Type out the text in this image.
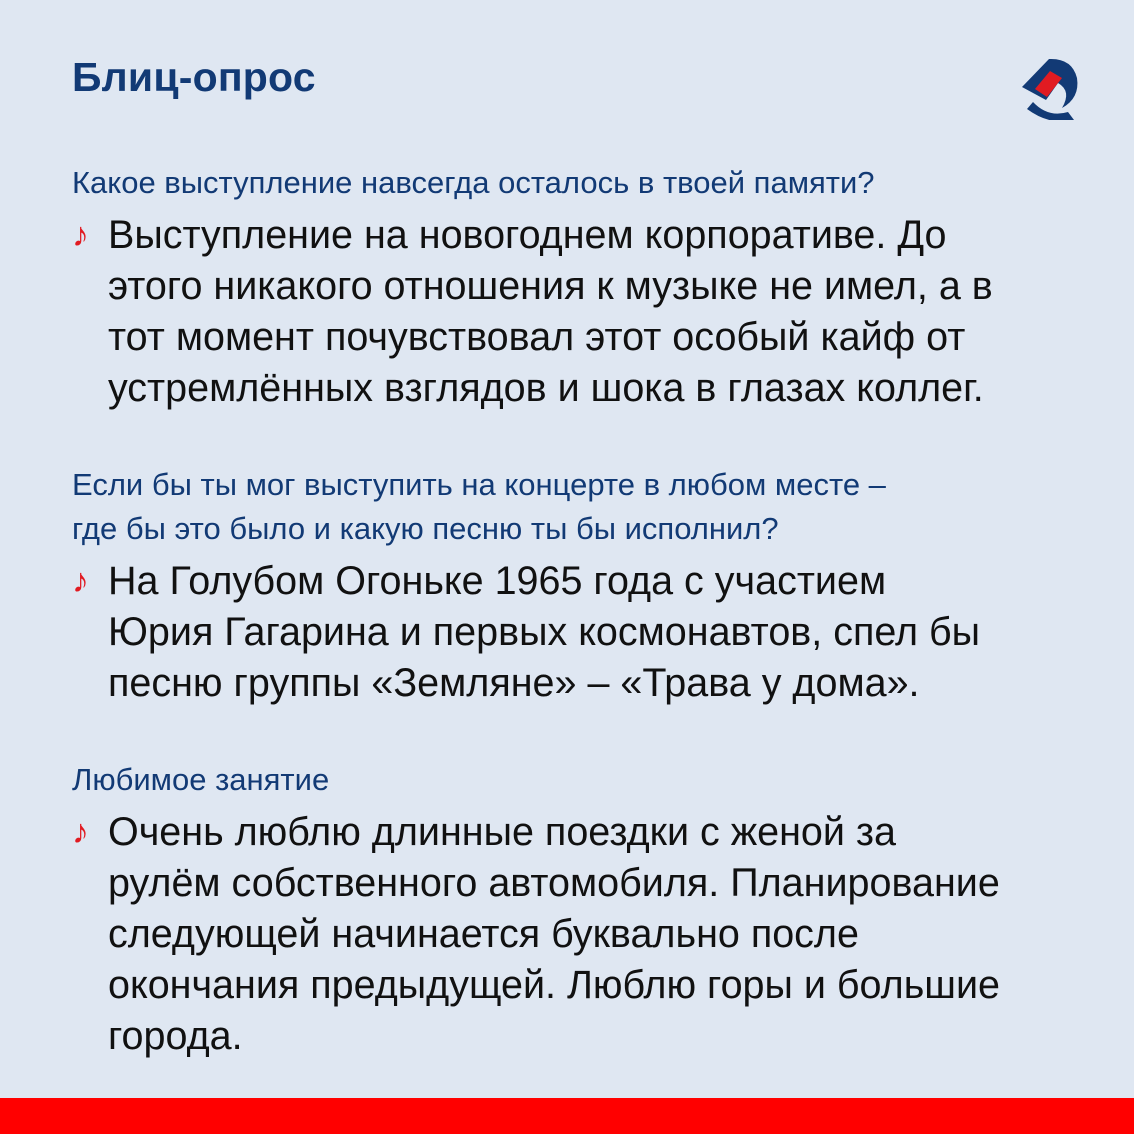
Блиц-опрос

Какое выступление навсегда осталось в твоей памяти?

♪ Выступление на новогоднем корпоративе. До
этого никакого отношения к музыке не имел, а в
тот момент почувствовал этот особый кайф от
устремлённых взглядов и шока в глазах коллег.

Если бы ты мог выступить на концерте в любом месте –
где бы это было и какую песню ты бы исполнил?

♪ На Голубом Огоньке 1965 года с участием
Юрия Гагарина и первых космонавтов, спел бы
песню группы «Земляне» – «Трава у дома».

Любимое занятие

♪ Очень люблю длинные поездки с женой за
рулём собственного автомобиля. Планирование
следующей начинается буквально после
окончания предыдущей. Люблю горы и большие
города.
